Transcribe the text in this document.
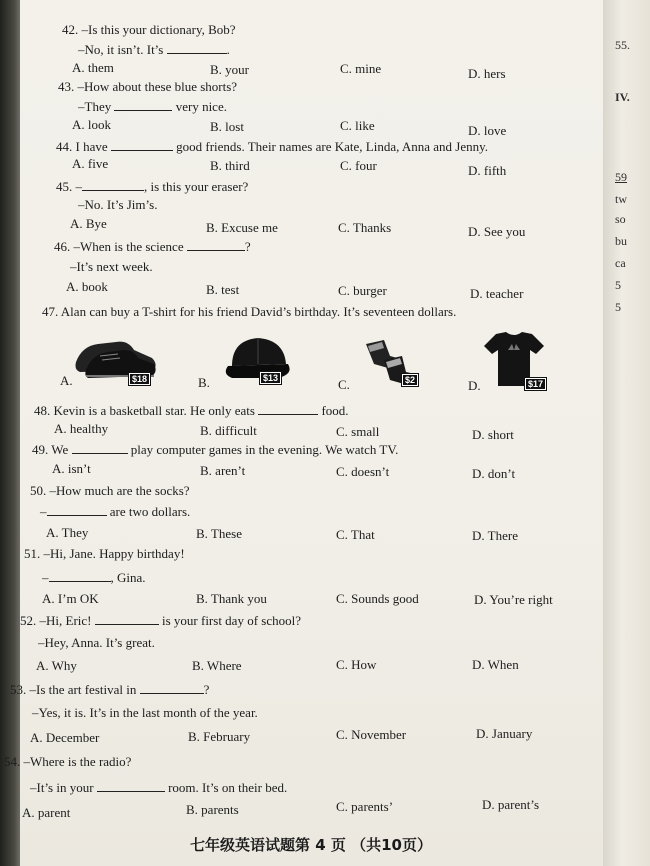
42. –Is this your dictionary, Bob?
–No, it isn’t. It’s	.
A. them	B. your	C. mine	D. hers
43. –How about these blue shorts?
–They	very nice.
A. look	B. lost	C. like	D. love
44. I have	good friends. Their names are Kate, Linda, Anna and Jenny.
A. five	B. third	C. four	D. fifth
45. –	, is this your eraser?
–No. It’s Jim’s.
A. Bye	B. Excuse me	C. Thanks	D. See you
46. –When is the science	?
–It’s next week.
A. book	B. test	C. burger	D. teacher
47. Alan can buy a T-shirt for his friend David’s birthday. It’s seventeen dollars.
$18
A.	$13
B.	$2
C.	$17
D.
48. Kevin is a basketball star. He only eats	food.
A. healthy	B. difficult	C. small	D. short
49. We	play computer games in the evening. We watch TV.
A. isn’t	B. aren’t	C. doesn’t	D. don’t
50. –How much are the socks?
–	are two dollars.
A. They	B. These	C. That	D. There
51. –Hi, Jane. Happy birthday!
–	, Gina.
A. I’m OK	B. Thank you	C. Sounds good	D. You’re right
52. –Hi, Eric!	is your first day of school?
–Hey, Anna. It’s great.
A. Why	B. Where	C. How	D. When
53. –Is the art festival in	?
–Yes, it is. It’s in the last month of the year.
A. December	B. February	C. November	D. January
54. –Where is the radio?
–It’s in your	room. It’s on their bed.
A. parent	B. parents	C. parents’	D. parent’s
七年级英语试题第 4 页 （共10页）
55.
IV.
59
tw
so
bu
ca
5
5
